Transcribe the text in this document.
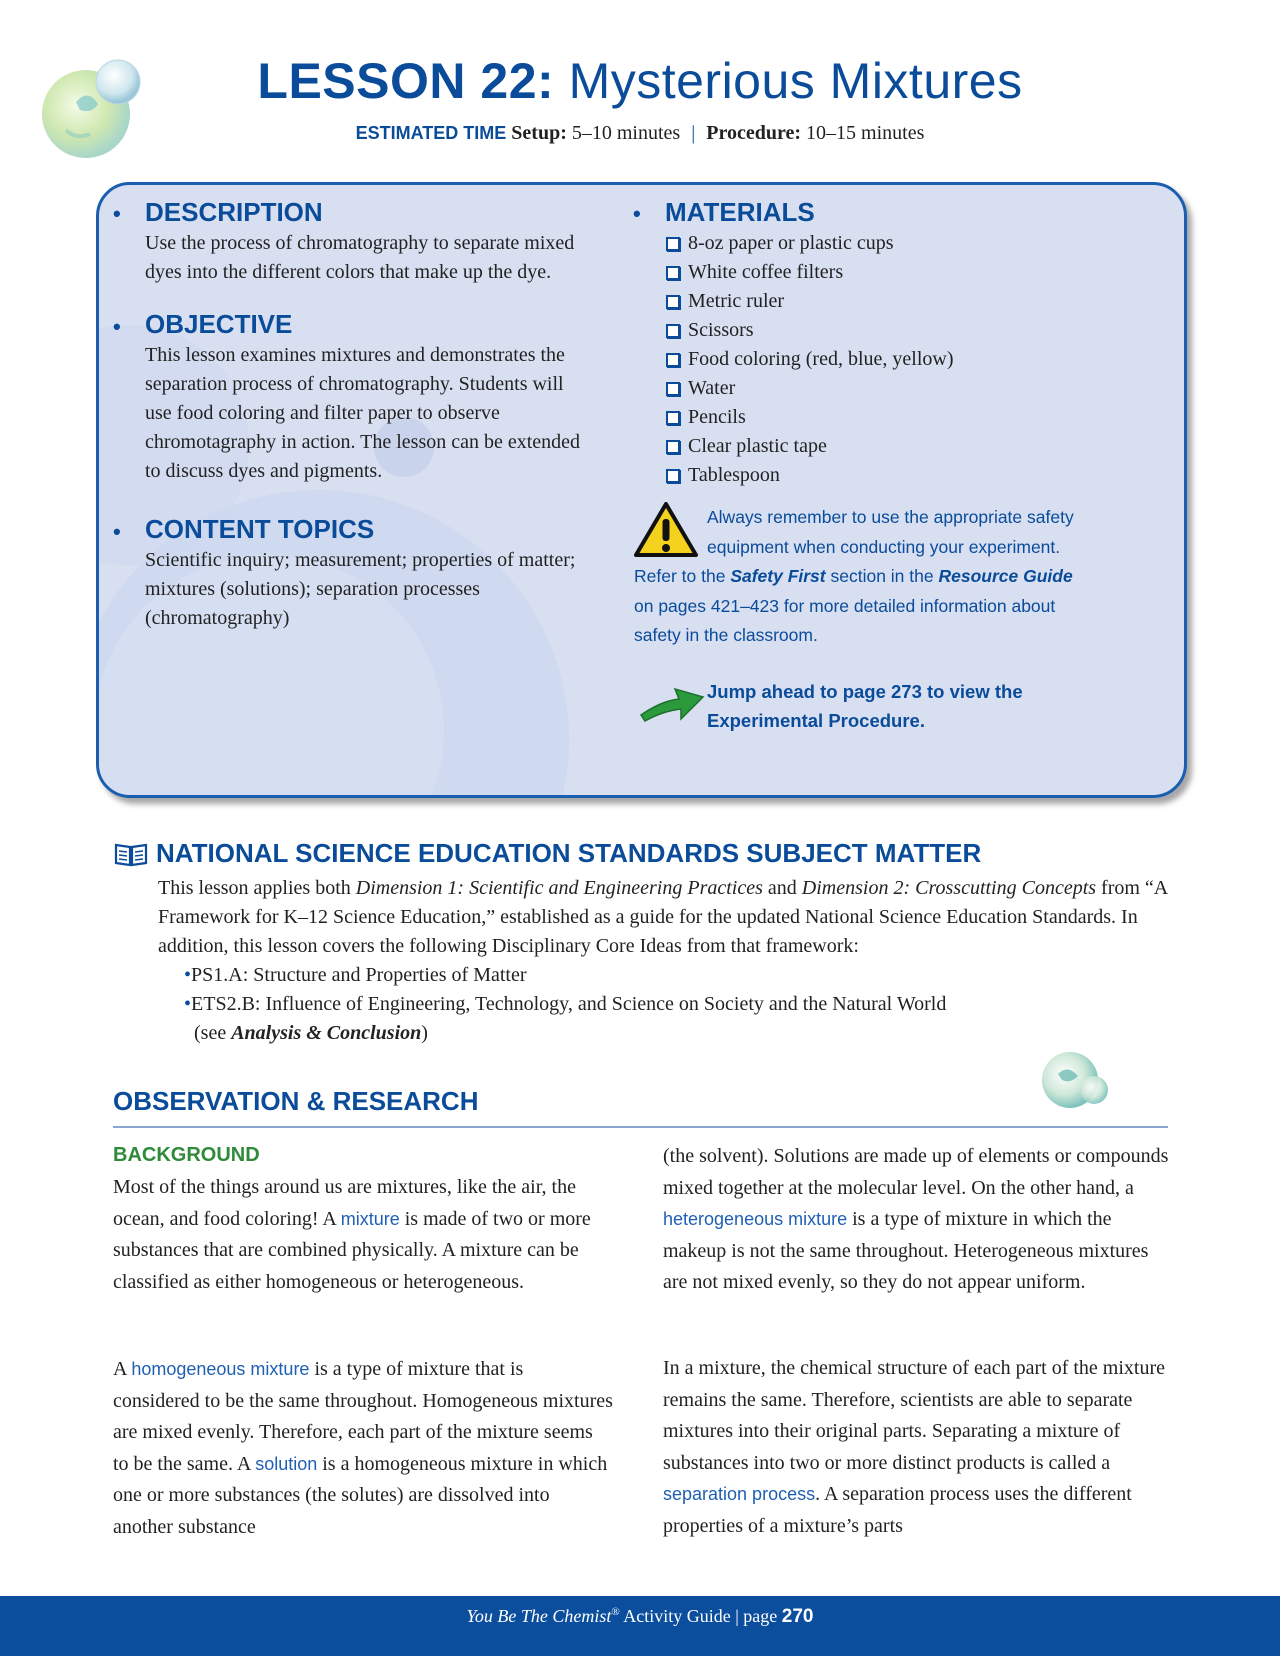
LESSON 22: Mysterious Mixtures
ESTIMATED TIME Setup: 5–10 minutes | Procedure: 10–15 minutes
• DESCRIPTION
Use the process of chromatography to separate mixed dyes into the different colors that make up the dye.
• OBJECTIVE
This lesson examines mixtures and demonstrates the separation process of chromatography. Students will use food coloring and filter paper to observe chromotagraphy in action. The lesson can be extended to discuss dyes and pigments.
• CONTENT TOPICS
Scientific inquiry; measurement; properties of matter; mixtures (solutions); separation processes (chromatography)
• MATERIALS
8-oz paper or plastic cups
White coffee filters
Metric ruler
Scissors
Food coloring (red, blue, yellow)
Water
Pencils
Clear plastic tape
Tablespoon
Always remember to use the appropriate safety
equipment when conducting your experiment.
Refer to the Safety First section in the Resource Guide
on pages 421–423 for more detailed information about
safety in the classroom.
Jump ahead to page 273 to view the
Experimental Procedure.
NATIONAL SCIENCE EDUCATION STANDARDS SUBJECT MATTER
This lesson applies both Dimension 1: Scientific and Engineering Practices and Dimension 2: Crosscutting Concepts from “A Framework for K–12 Science Education,” established as a guide for the updated National Science Education Standards. In addition, this lesson covers the following Disciplinary Core Ideas from that framework:
•PS1.A: Structure and Properties of Matter
•ETS2.B: Influence of Engineering, Technology, and Science on Society and the Natural World
(see Analysis & Conclusion)
OBSERVATION & RESEARCH
BACKGROUND
Most of the things around us are mixtures, like the air, the ocean, and food coloring! A mixture is made of two or more substances that are combined physically. A mixture can be classified as either homogeneous or heterogeneous.
A homogeneous mixture is a type of mixture that is considered to be the same throughout. Homogeneous mixtures are mixed evenly. Therefore, each part of the mixture seems to be the same. A solution is a homogeneous mixture in which one or more substances (the solutes) are dissolved into another substance
(the solvent). Solutions are made up of elements or compounds mixed together at the molecular level. On the other hand, a heterogeneous mixture is a type of mixture in which the makeup is not the same throughout. Heterogeneous mixtures are not mixed evenly, so they do not appear uniform.
In a mixture, the chemical structure of each part of the mixture remains the same. Therefore, scientists are able to separate mixtures into their original parts. Separating a mixture of substances into two or more distinct products is called a separation process. A separation process uses the different properties of a mixture’s parts
You Be The Chemist® Activity Guide | page 270
